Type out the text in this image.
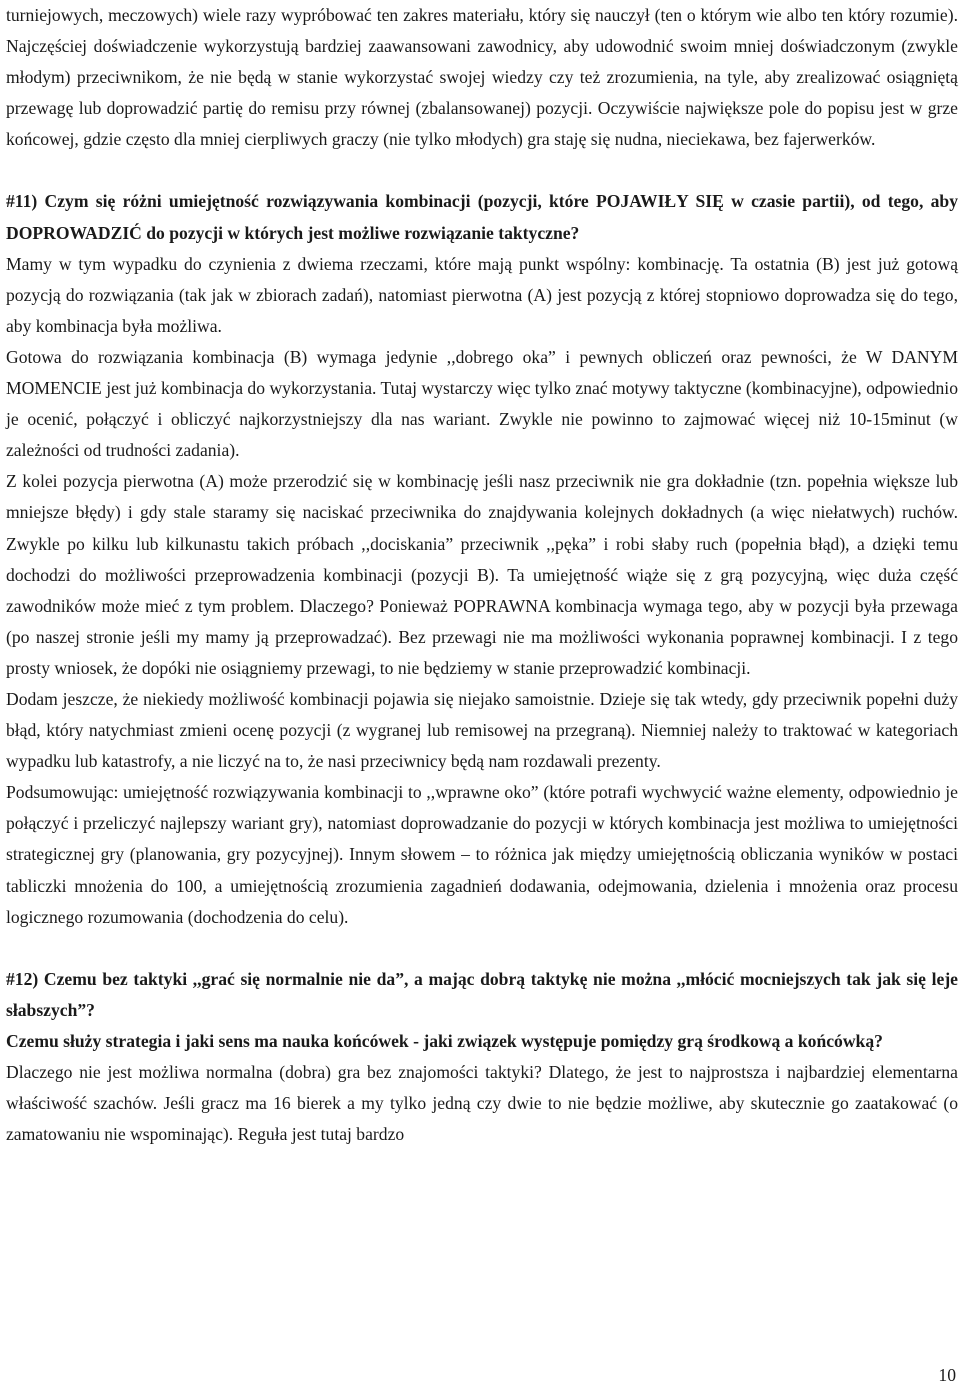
turniejowych, meczowych) wiele razy wypróbować ten zakres materiału, który się nauczył (ten o którym wie albo ten który rozumie). Najczęściej doświadczenie wykorzystują bardziej zaawansowani zawodnicy, aby udowodnić swoim mniej doświadczonym (zwykle młodym) przeciwnikom, że nie będą w stanie wykorzystać swojej wiedzy czy też zrozumienia, na tyle, aby zrealizować osiągniętą przewagę lub doprowadzić partię do remisu przy równej (zbalansowanej) pozycji. Oczywiście największe pole do popisu jest w grze końcowej, gdzie często dla mniej cierpliwych graczy (nie tylko młodych) gra staję się nudna, nieciekawa, bez fajerwerków.

#11) Czym się różni umiejętność rozwiązywania kombinacji (pozycji, które POJAWIŁY SIĘ w czasie partii), od tego, aby DOPROWADZIĆ do pozycji w których jest możliwe rozwiązanie taktyczne?

Mamy w tym wypadku do czynienia z dwiema rzeczami, które mają punkt wspólny: kombinację. Ta ostatnia (B) jest już gotową pozycją do rozwiązania (tak jak w zbiorach zadań), natomiast pierwotna (A) jest pozycją z której stopniowo doprowadza się do tego, aby kombinacja była możliwa.

Gotowa do rozwiązania kombinacja (B) wymaga jedynie ,,dobrego oka” i pewnych obliczeń oraz pewności, że W DANYM MOMENCIE jest już kombinacja do wykorzystania. Tutaj wystarczy więc tylko znać motywy taktyczne (kombinacyjne), odpowiednio je ocenić, połączyć i obliczyć najkorzystniejszy dla nas wariant. Zwykle nie powinno to zajmować więcej niż 10-15minut (w zależności od trudności zadania).

Z kolei pozycja pierwotna (A) może przerodzić się w kombinację jeśli nasz przeciwnik nie gra dokładnie (tzn. popełnia większe lub mniejsze błędy) i gdy stale staramy się naciskać przeciwnika do znajdywania kolejnych dokładnych (a więc niełatwych) ruchów. Zwykle po kilku lub kilkunastu takich próbach ,,dociskania” przeciwnik ,,pęka” i robi słaby ruch (popełnia błąd), a dzięki temu dochodzi do możliwości przeprowadzenia kombinacji (pozycji B). Ta umiejętność wiąże się z grą pozycyjną, więc duża część zawodników może mieć z tym problem. Dlaczego? Ponieważ POPRAWNA kombinacja wymaga tego, aby w pozycji była przewaga (po naszej stronie jeśli my mamy ją przeprowadzać). Bez przewagi nie ma możliwości wykonania poprawnej kombinacji. I z tego prosty wniosek, że dopóki nie osiągniemy przewagi, to nie będziemy w stanie przeprowadzić kombinacji.

Dodam jeszcze, że niekiedy możliwość kombinacji pojawia się niejako samoistnie. Dzieje się tak wtedy, gdy przeciwnik popełni duży błąd, który natychmiast zmieni ocenę pozycji (z wygranej lub remisowej na przegraną). Niemniej należy to traktować w kategoriach wypadku lub katastrofy, a nie liczyć na to, że nasi przeciwnicy będą nam rozdawali prezenty.

Podsumowując: umiejętność rozwiązywania kombinacji to ,,wprawne oko” (które potrafi wychwycić ważne elementy, odpowiednio je połączyć i przeliczyć najlepszy wariant gry), natomiast doprowadzanie do pozycji w których kombinacja jest możliwa to umiejętności strategicznej gry (planowania, gry pozycyjnej). Innym słowem – to różnica jak między umiejętnością obliczania wyników w postaci tabliczki mnożenia do 100, a umiejętnością zrozumienia zagadnień dodawania, odejmowania, dzielenia i mnożenia oraz procesu logicznego rozumowania (dochodzenia do celu).

#12) Czemu bez taktyki ,,grać się normalnie nie da”, a mając dobrą taktykę nie można ,,młócić mocniejszych tak jak się leje słabszych”?

Czemu służy strategia i jaki sens ma nauka końcówek - jaki związek występuje pomiędzy grą środkową a końcówką?

Dlaczego nie jest możliwa normalna (dobra) gra bez znajomości taktyki? Dlatego, że jest to najprostsza i najbardziej elementarna właściwość szachów. Jeśli gracz ma 16 bierek a my tylko jedną czy dwie to nie będzie możliwe, aby skutecznie go zaatakować (o zamatowaniu nie wspominając). Reguła jest tutaj bardzo

10
